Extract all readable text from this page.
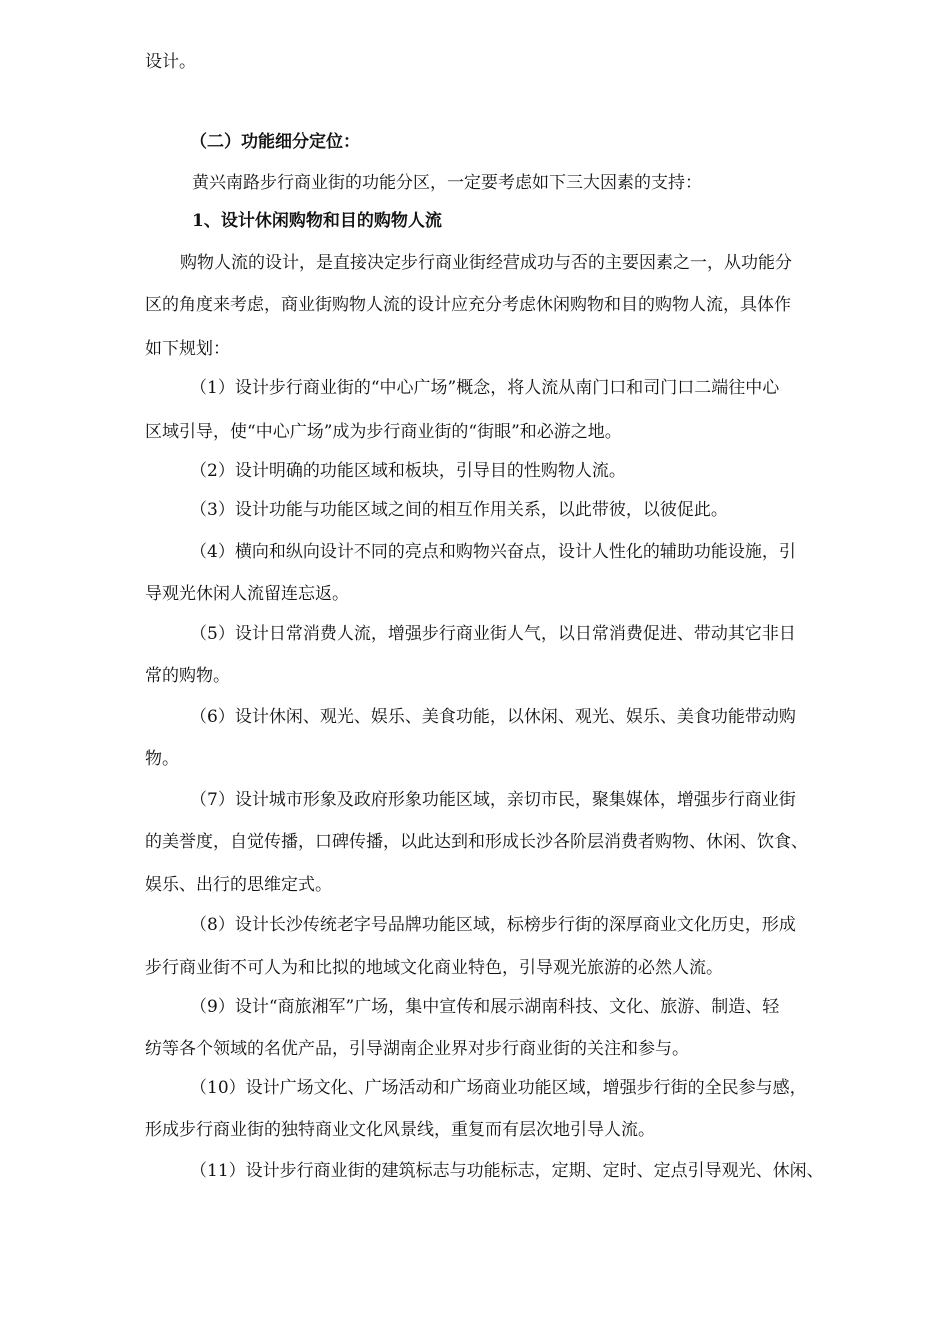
设计。
（二）功能细分定位：
黄兴南路步行商业街的功能分区，一定要考虑如下三大因素的支持：
1、设计休闲购物和目的购物人流
购物人流的设计，是直接决定步行商业街经营成功与否的主要因素之一，从功能分
区的角度来考虑，商业街购物人流的设计应充分考虑休闲购物和目的购物人流，具体作
如下规划：
（1）设计步行商业街的“中心广场”概念，将人流从南门口和司门口二端往中心
区域引导，使“中心广场”成为步行商业街的“街眼”和必游之地。
（2）设计明确的功能区域和板块，引导目的性购物人流。
（3）设计功能与功能区域之间的相互作用关系，以此带彼，以彼促此。
（4）横向和纵向设计不同的亮点和购物兴奋点，设计人性化的辅助功能设施，引
导观光休闲人流留连忘返。
（5）设计日常消费人流，增强步行商业街人气，以日常消费促进、带动其它非日
常的购物。
（6）设计休闲、观光、娱乐、美食功能，以休闲、观光、娱乐、美食功能带动购
物。
（7）设计城市形象及政府形象功能区域，亲切市民，聚集媒体，增强步行商业街
的美誉度，自觉传播，口碑传播，以此达到和形成长沙各阶层消费者购物、休闲、饮食、
娱乐、出行的思维定式。
（8）设计长沙传统老字号品牌功能区域，标榜步行街的深厚商业文化历史，形成
步行商业街不可人为和比拟的地域文化商业特色，引导观光旅游的必然人流。
（9）设计“商旅湘军”广场，集中宣传和展示湖南科技、文化、旅游、制造、轻
纺等各个领域的名优产品，引导湖南企业界对步行商业街的关注和参与。
（10）设计广场文化、广场活动和广场商业功能区域，增强步行街的全民参与感，
形成步行商业街的独特商业文化风景线，重复而有层次地引导人流。
（11）设计步行商业街的建筑标志与功能标志，定期、定时、定点引导观光、休闲、
